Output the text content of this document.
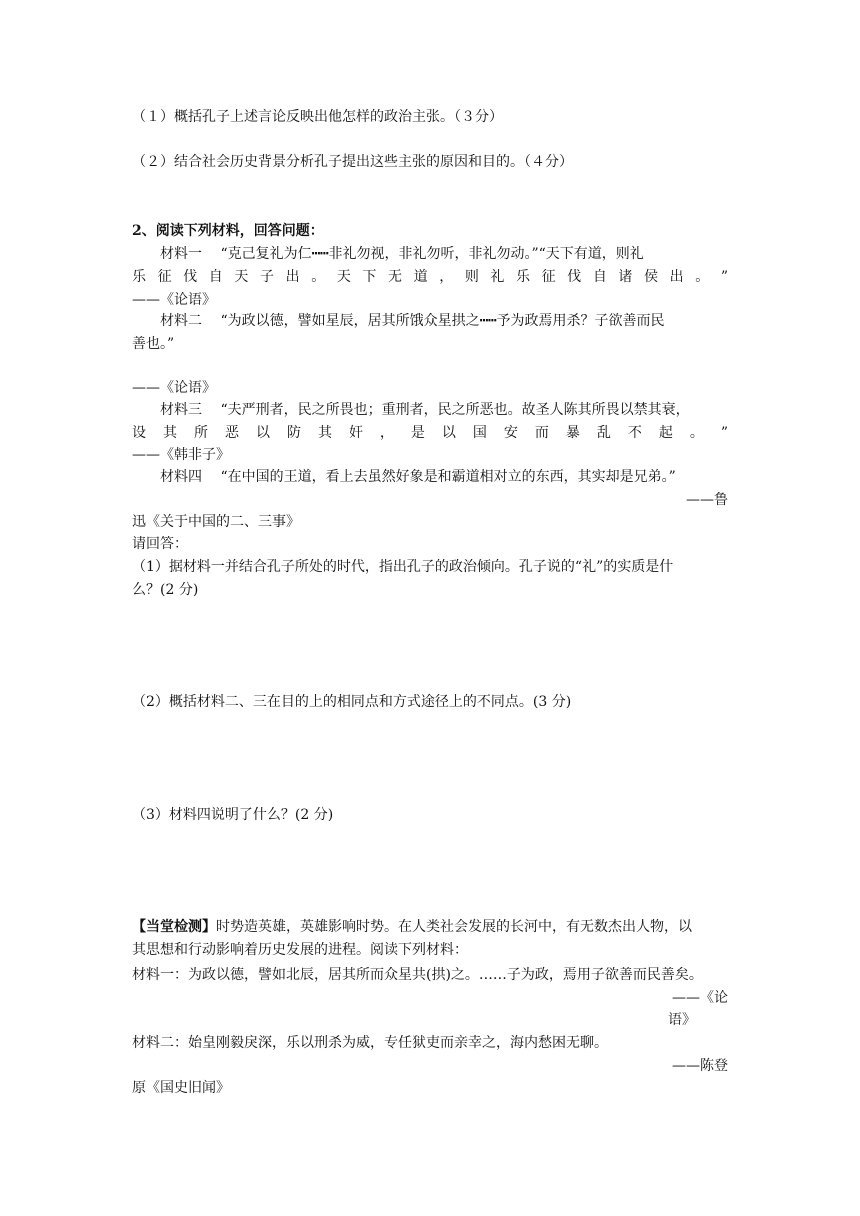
（１）概括孔子上述言论反映出他怎样的政治主张。（３分）
（２）结合社会历史背景分析孔子提出这些主张的原因和目的。（４分）
2、阅读下列材料，回答问题：
材料一　 “克己复礼为仁┅┅非礼勿视，非礼勿听，非礼勿动。”“天下有道，则礼
乐 征 伐 自 天 子 出 。 天 下 无 道 ， 则 礼 乐 征 伐 自 诸 侯 出 。 ”
——《论语》
材料二　 “为政以德，譬如星辰，居其所饿众星拱之┅┅予为政焉用杀？子欲善而民
善也。”
——《论语》
材料三　 “夫严刑者，民之所畏也；重刑者，民之所恶也。故圣人陈其所畏以禁其衰，
设 其 所 恶 以 防 其 奸 ， 是 以 国 安 而 暴 乱 不 起 。 ”
——《韩非子》
材料四　 “在中国的王道，看上去虽然好象是和霸道相对立的东西，其实却是兄弟。”
——鲁
迅《关于中国的二、三事》
请回答：
（1）据材料一并结合孔子所处的时代，指出孔子的政治倾向。孔子说的“礼”的实质是什
么？(2 分)
（2）概括材料二、三在目的上的相同点和方式途径上的不同点。(3 分)
（3）材料四说明了什么？(2 分)
【当堂检测】时势造英雄，英雄影响时势。在人类社会发展的长河中，有无数杰出人物，以
其思想和行动影响着历史发展的进程。阅读下列材料：
材料一：为政以德，譬如北辰，居其所而众星共(拱)之。……子为政，焉用子欲善而民善矣。
——《论
语》
材料二：始皇刚毅戾深，乐以刑杀为威，专任狱吏而亲幸之，海内愁困无聊。
——陈登
原《国史旧闻》
